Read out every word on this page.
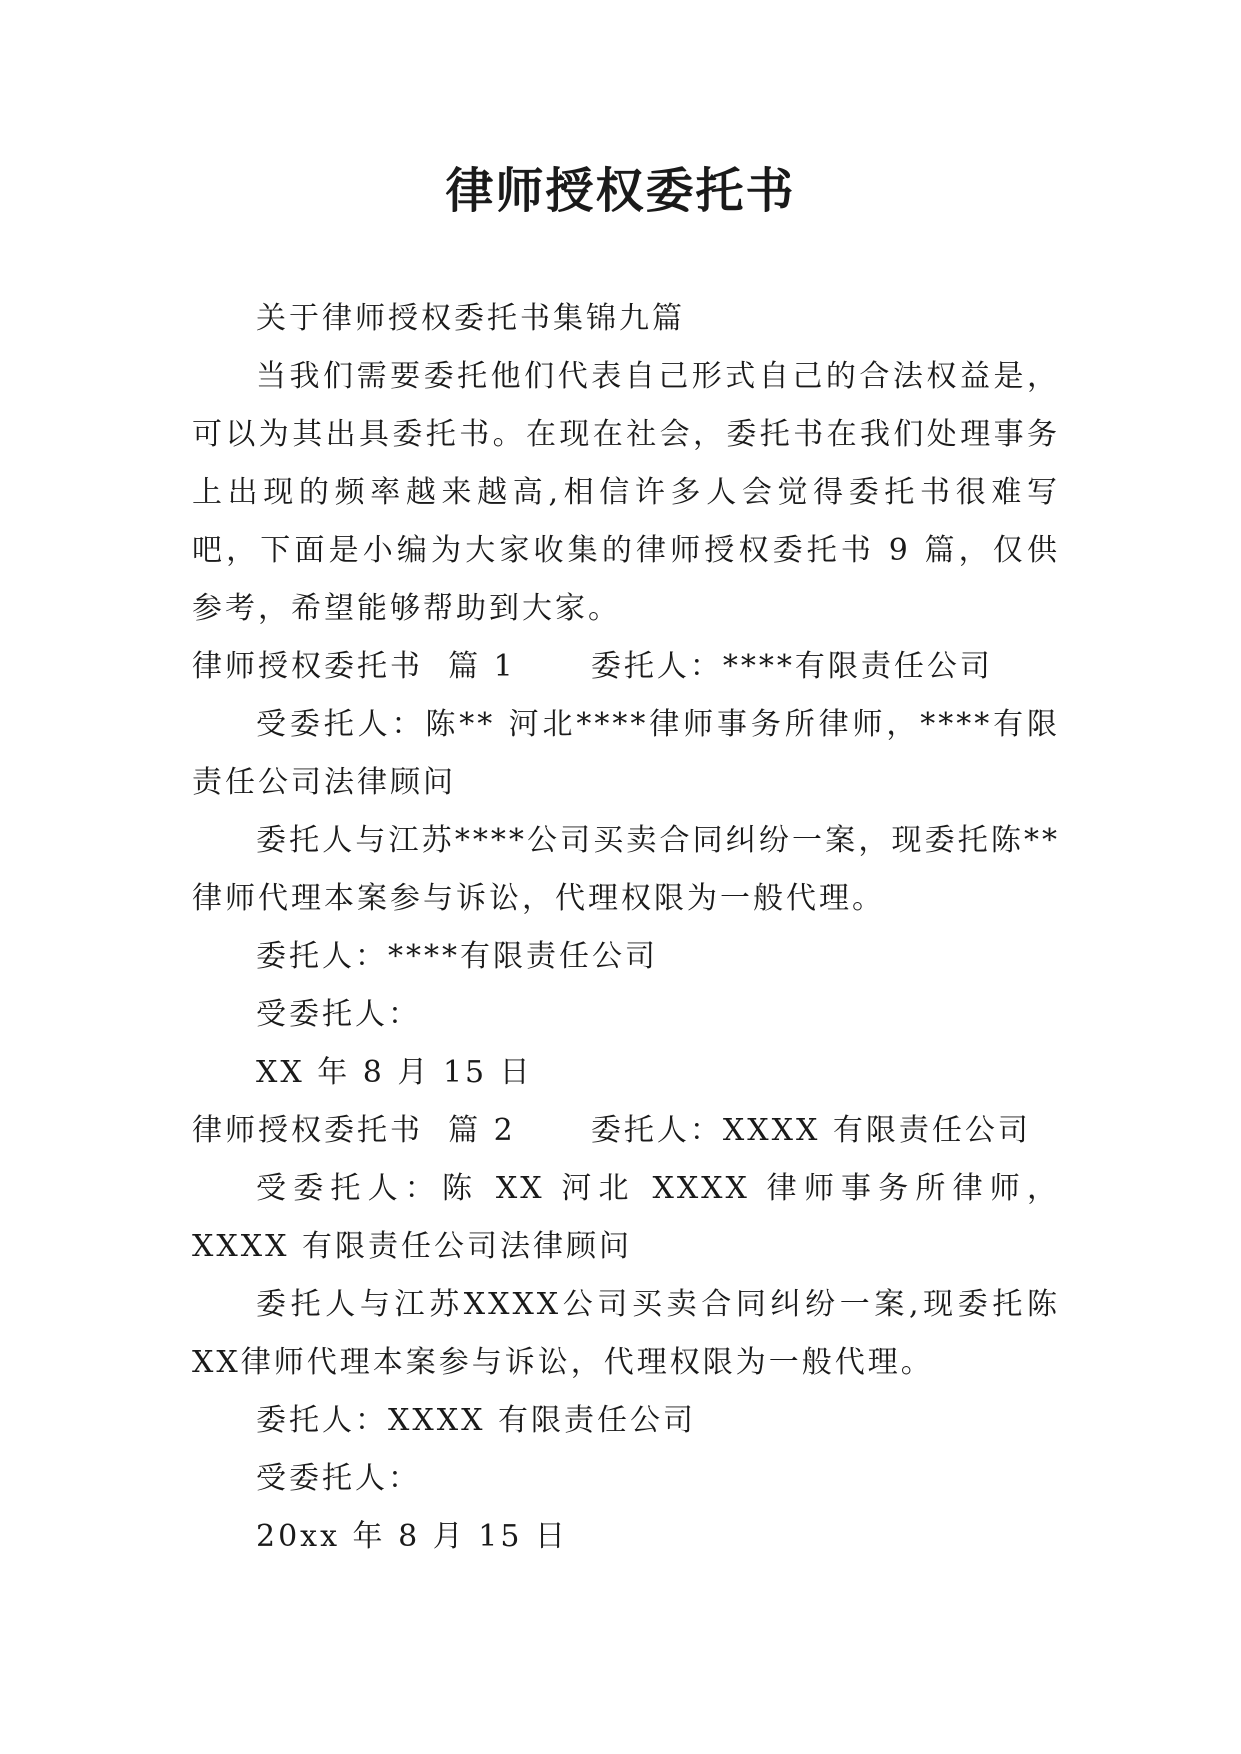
律师授权委托书

关于律师授权委托书集锦九篇

当我们需要委托他们代表自己形式自己的合法权益是，可以为其出具委托书。在现在社会，委托书在我们处理事务上出现的频率越来越高,相信许多人会觉得委托书很难写吧，下面是小编为大家收集的律师授权委托书 9 篇，仅供参考，希望能够帮助到大家。

律师授权委托书  篇 1	委托人：****有限责任公司

受委托人：陈** 河北****律师事务所律师，****有限责任公司法律顾问

委托人与江苏****公司买卖合同纠纷一案，现委托陈**律师代理本案参与诉讼，代理权限为一般代理。

委托人：****有限责任公司

受委托人：

XX 年 8 月 15 日

律师授权委托书  篇 2	委托人：XXXX 有限责任公司

受委托人：陈 XX 河北 XXXX 律师事务所律师，XXXX 有限责任公司法律顾问

委托人与江苏XXXX公司买卖合同纠纷一案,现委托陈XX律师代理本案参与诉讼，代理权限为一般代理。

委托人：XXXX 有限责任公司

受委托人：

20xx 年 8 月 15 日
